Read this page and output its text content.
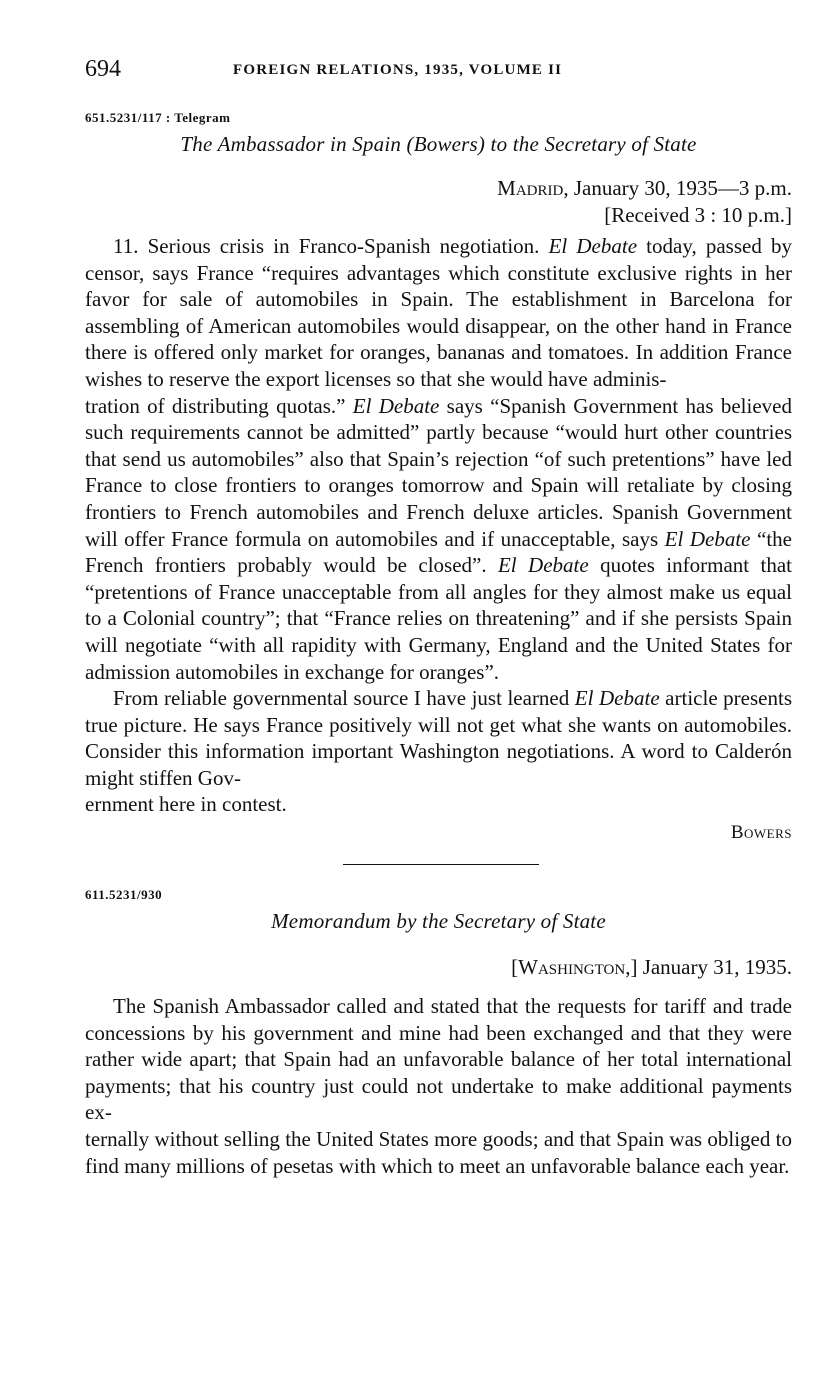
694	FOREIGN RELATIONS, 1935, VOLUME II
651.5231/117 : Telegram
The Ambassador in Spain (Bowers) to the Secretary of State
Madrid, January 30, 1935—3 p.m.
[Received 3 : 10 p.m.]

11. Serious crisis in Franco-Spanish negotiation. El Debate today, passed by censor, says France “requires advantages which constitute exclusive rights in her favor for sale of automobiles in Spain. The establishment in Barcelona for assembling of American automobiles would disappear, on the other hand in France there is offered only market for oranges, bananas and tomatoes. In addition France wishes to reserve the export licenses so that she would have adminis-
tration of distributing quotas.” El Debate says “Spanish Government has believed such requirements cannot be admitted” partly because “would hurt other countries that send us automobiles” also that Spain’s rejection “of such pretentions” have led France to close frontiers to oranges tomorrow and Spain will retaliate by closing frontiers to French automobiles and French deluxe articles. Spanish Government will offer France formula on automobiles and if unacceptable, says El Debate “the French frontiers probably would be closed”. El Debate quotes informant that “pretentions of France unacceptable from all angles for they almost make us equal to a Colonial country”; that “France relies on threatening” and if she persists Spain will negotiate “with all rapidity with Germany, England and the United States for admission automobiles in exchange for oranges”.

From reliable governmental source I have just learned El Debate article presents true picture. He says France positively will not get what she wants on automobiles. Consider this information important Washington negotiations. A word to Calderón might stiffen Gov-
ernment here in contest.

Bowers
611.5231/930
Memorandum by the Secretary of State
[Washington,] January 31, 1935.

The Spanish Ambassador called and stated that the requests for tariff and trade concessions by his government and mine had been exchanged and that they were rather wide apart; that Spain had an unfavorable balance of her total international payments; that his country just could not undertake to make additional payments ex-
ternally without selling the United States more goods; and that Spain was obliged to find many millions of pesetas with which to meet an unfavorable balance each year.
